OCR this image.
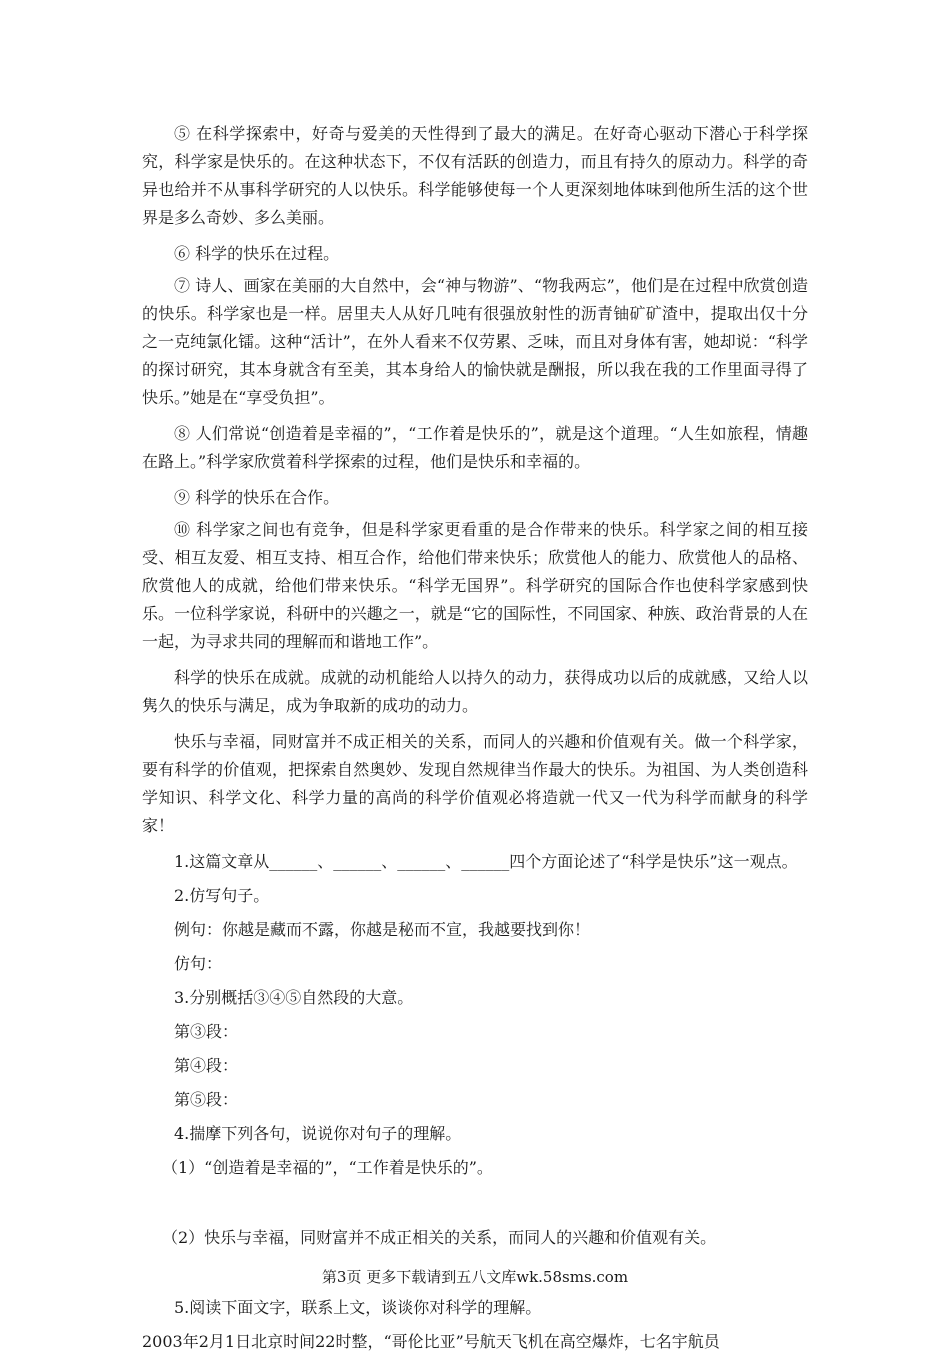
⑤ 在科学探索中，好奇与爱美的天性得到了最大的满足。在好奇心驱动下潜心于科学探究，科学家是快乐的。在这种状态下，不仅有活跃的创造力，而且有持久的原动力。科学的奇异也给并不从事科学研究的人以快乐。科学能够使每一个人更深刻地体味到他所生活的这个世界是多么奇妙、多么美丽。

⑥ 科学的快乐在过程。

⑦ 诗人、画家在美丽的大自然中，会“神与物游”、“物我两忘”，他们是在过程中欣赏创造的快乐。科学家也是一样。居里夫人从好几吨有很强放射性的沥青铀矿矿渣中，提取出仅十分之一克纯氯化镭。这种“活计”，在外人看来不仅劳累、乏味，而且对身体有害，她却说：“科学的探讨研究，其本身就含有至美，其本身给人的愉快就是酬报，所以我在我的工作里面寻得了快乐。”她是在“享受负担”。

⑧ 人们常说“创造着是幸福的”，“工作着是快乐的”，就是这个道理。“人生如旅程，情趣在路上。”科学家欣赏着科学探索的过程，他们是快乐和幸福的。

⑨ 科学的快乐在合作。

⑩ 科学家之间也有竞争，但是科学家更看重的是合作带来的快乐。科学家之间的相互接受、相互友爱、相互支持、相互合作，给他们带来快乐；欣赏他人的能力、欣赏他人的品格、欣赏他人的成就，给他们带来快乐。“科学无国界”。科学研究的国际合作也使科学家感到快乐。一位科学家说，科研中的兴趣之一，就是“它的国际性，不同国家、种族、政治背景的人在一起，为寻求共同的理解而和谐地工作”。

科学的快乐在成就。成就的动机能给人以持久的动力，获得成功以后的成就感，又给人以隽久的快乐与满足，成为争取新的成功的动力。

快乐与幸福，同财富并不成正相关的关系，而同人的兴趣和价值观有关。做一个科学家，要有科学的价值观，把探索自然奥妙、发现自然规律当作最大的快乐。为祖国、为人类创造科学知识、科学文化、科学力量的高尚的科学价值观必将造就一代又一代为科学而献身的科学家！

1.这篇文章从______、______、______、______四个方面论述了“科学是快乐”这一观点。

2.仿写句子。

例句：你越是藏而不露，你越是秘而不宣，我越要找到你！

仿句：

3.分别概括③④⑤自然段的大意。

第③段：

第④段：

第⑤段：

4.揣摩下列各句，说说你对句子的理解。

（1）“创造着是幸福的”，“工作着是快乐的”。

（2）快乐与幸福，同财富并不成正相关的关系，而同人的兴趣和价值观有关。

5.阅读下面文字，联系上文，谈谈你对科学的理解。

2003年2月1日北京时间22时整，“哥伦比亚”号航天飞机在高空爆炸，七名宇航员

第3页 更多下载请到五八文库wk.58sms.com
